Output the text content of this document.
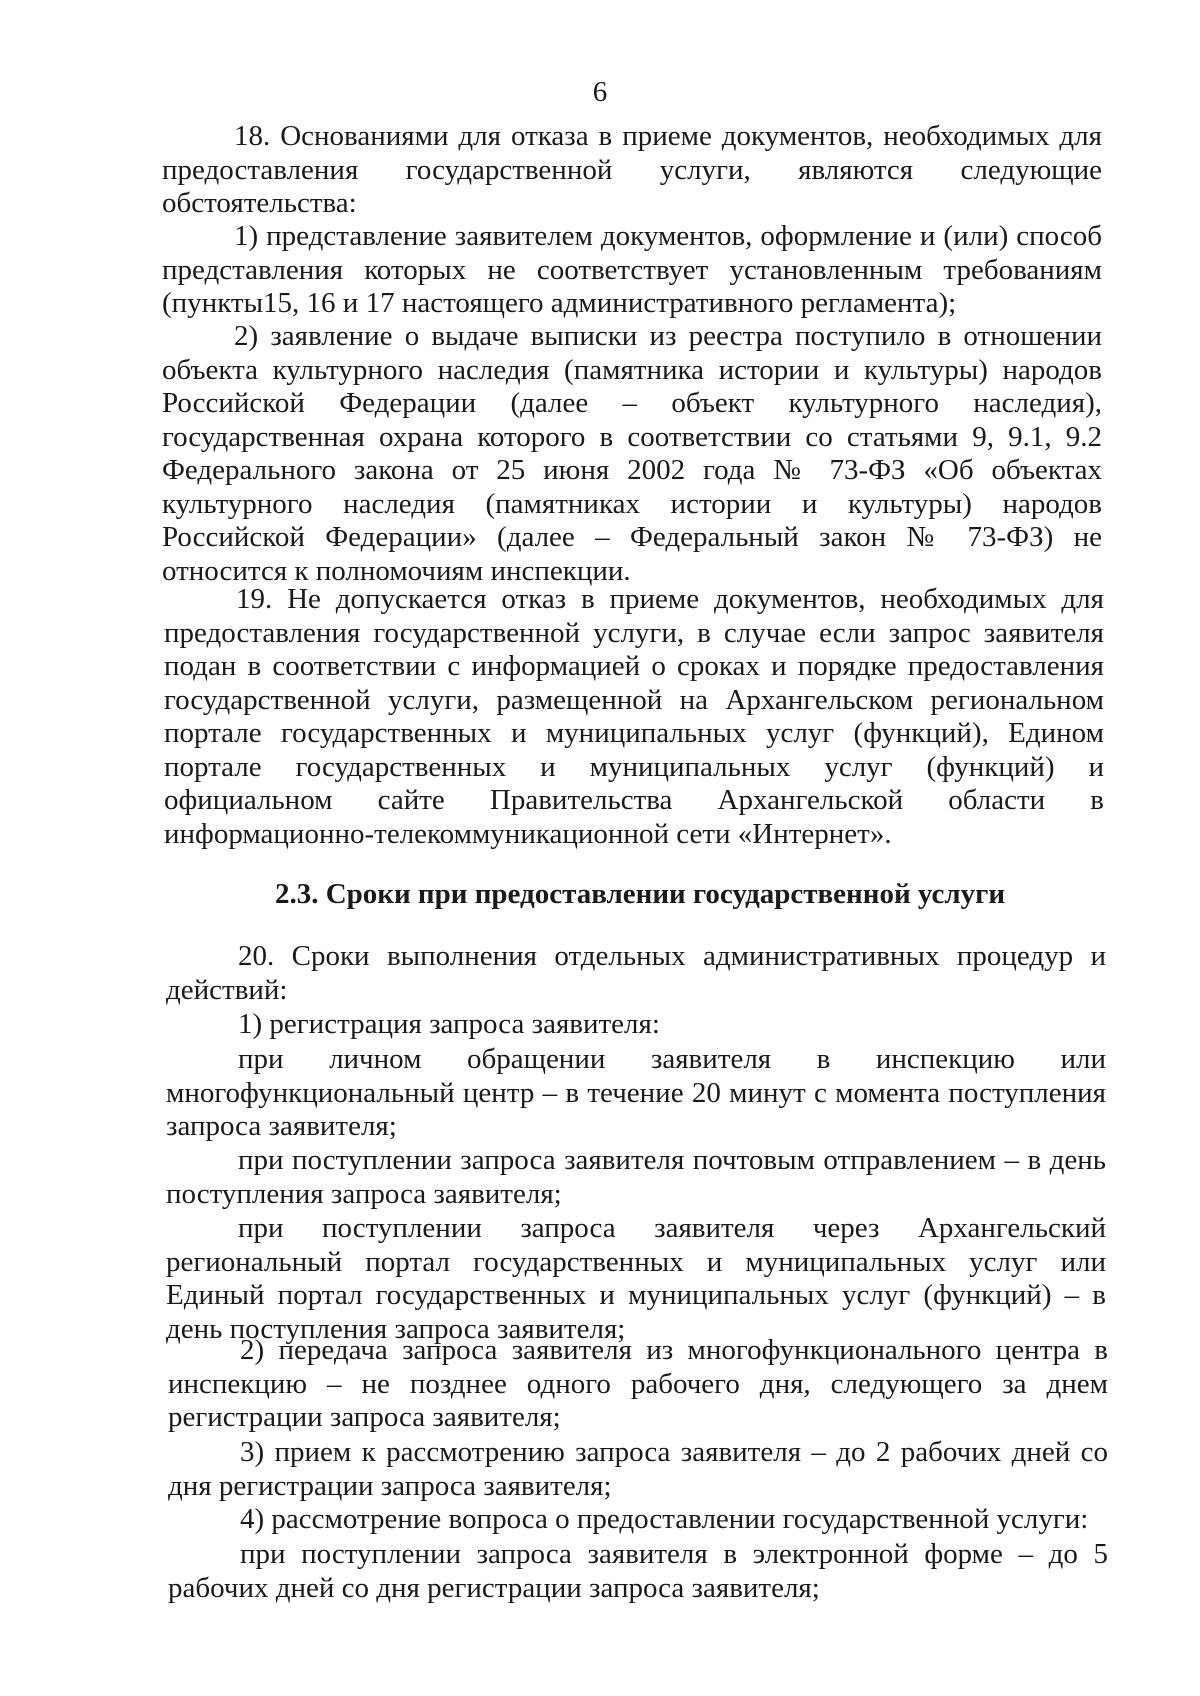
6
18. Основаниями для отказа в приеме документов, необходимых для предоставления государственной услуги, являются следующие обстоятельства:
1) представление заявителем документов, оформление и (или) способ представления которых не соответствует установленным требованиям (пункты15, 16 и 17 настоящего административного регламента);
2) заявление о выдаче выписки из реестра поступило в отношении объекта культурного наследия (памятника истории и культуры) народов Российской Федерации (далее – объект культурного наследия), государственная охрана которого в соответствии со статьями 9, 9.1, 9.2 Федерального закона от 25 июня 2002 года № 73-ФЗ «Об объектах культурного наследия (памятниках истории и культуры) народов Российской Федерации» (далее – Федеральный закон № 73-ФЗ) не относится к полномочиям инспекции.
19. Не допускается отказ в приеме документов, необходимых для предоставления государственной услуги, в случае если запрос заявителя подан в соответствии с информацией о сроках и порядке предоставления государственной услуги, размещенной на Архангельском региональном портале государственных и муниципальных услуг (функций), Едином портале государственных и муниципальных услуг (функций) и официальном сайте Правительства Архангельской области в информационно-телекоммуникационной сети «Интернет».
2.3. Сроки при предоставлении государственной услуги
20. Сроки выполнения отдельных административных процедур и действий:
1) регистрация запроса заявителя:
при личном обращении заявителя в инспекцию или многофункциональный центр – в течение 20 минут с момента поступления запроса заявителя;
при поступлении запроса заявителя почтовым отправлением – в день поступления запроса заявителя;
при поступлении запроса заявителя через Архангельский региональный портал государственных и муниципальных услуг или Единый портал государственных и муниципальных услуг (функций) – в день поступления запроса заявителя;
2) передача запроса заявителя из многофункционального центра в инспекцию – не позднее одного рабочего дня, следующего за днем регистрации запроса заявителя;
3) прием к рассмотрению запроса заявителя – до 2 рабочих дней со дня регистрации запроса заявителя;
4) рассмотрение вопроса о предоставлении государственной услуги:
при поступлении запроса заявителя в электронной форме – до 5 рабочих дней со дня регистрации запроса заявителя;
